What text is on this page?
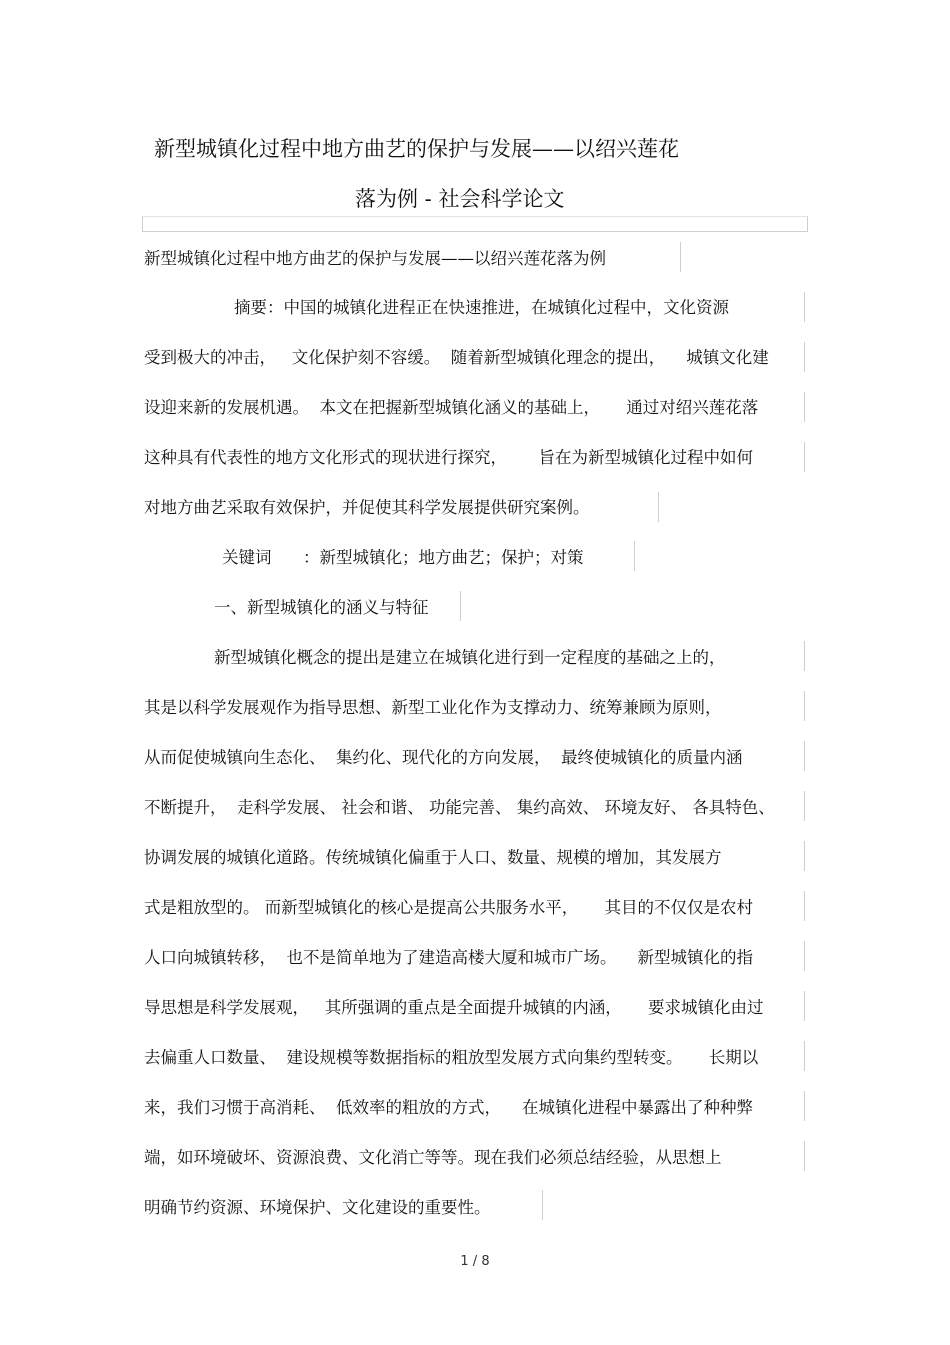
新型城镇化过程中地方曲艺的保护与发展——以绍兴莲花
落为例 - 社会科学论文
新型城镇化过程中地方曲艺的保护与发展——以绍兴莲花落为例
摘要：中国的城镇化进程正在快速推进，在城镇化过程中，文化资源
受到极大的冲击，   文化保护刻不容缓。  随着新型城镇化理念的提出，    城镇文化建
设迎来新的发展机遇。  本文在把握新型城镇化涵义的基础上，     通过对绍兴莲花落
这种具有代表性的地方文化形式的现状进行探究，      旨在为新型城镇化过程中如何
对地方曲艺采取有效保护，并促使其科学发展提供研究案例。
关键词      ：新型城镇化；地方曲艺；保护；对策
一、新型城镇化的涵义与特征
新型城镇化概念的提出是建立在城镇化进行到一定程度的基础之上的，
其是以科学发展观作为指导思想、新型工业化作为支撑动力、统筹兼顾为原则，
从而促使城镇向生态化、  集约化、现代化的方向发展，  最终使城镇化的质量内涵
不断提升，  走科学发展、 社会和谐、 功能完善、 集约高效、 环境友好、 各具特色、
协调发展的城镇化道路。传统城镇化偏重于人口、数量、规模的增加，其发展方
式是粗放型的。 而新型城镇化的核心是提高公共服务水平，     其目的不仅仅是农村
人口向城镇转移，  也不是简单地为了建造高楼大厦和城市广场。    新型城镇化的指
导思想是科学发展观，   其所强调的重点是全面提升城镇的内涵，     要求城镇化由过
去偏重人口数量、  建设规模等数据指标的粗放型发展方式向集约型转变。     长期以
来，我们习惯于高消耗、  低效率的粗放的方式，    在城镇化进程中暴露出了种种弊
端，如环境破坏、资源浪费、文化消亡等等。现在我们必须总结经验，从思想上
明确节约资源、环境保护、文化建设的重要性。
1 / 8
